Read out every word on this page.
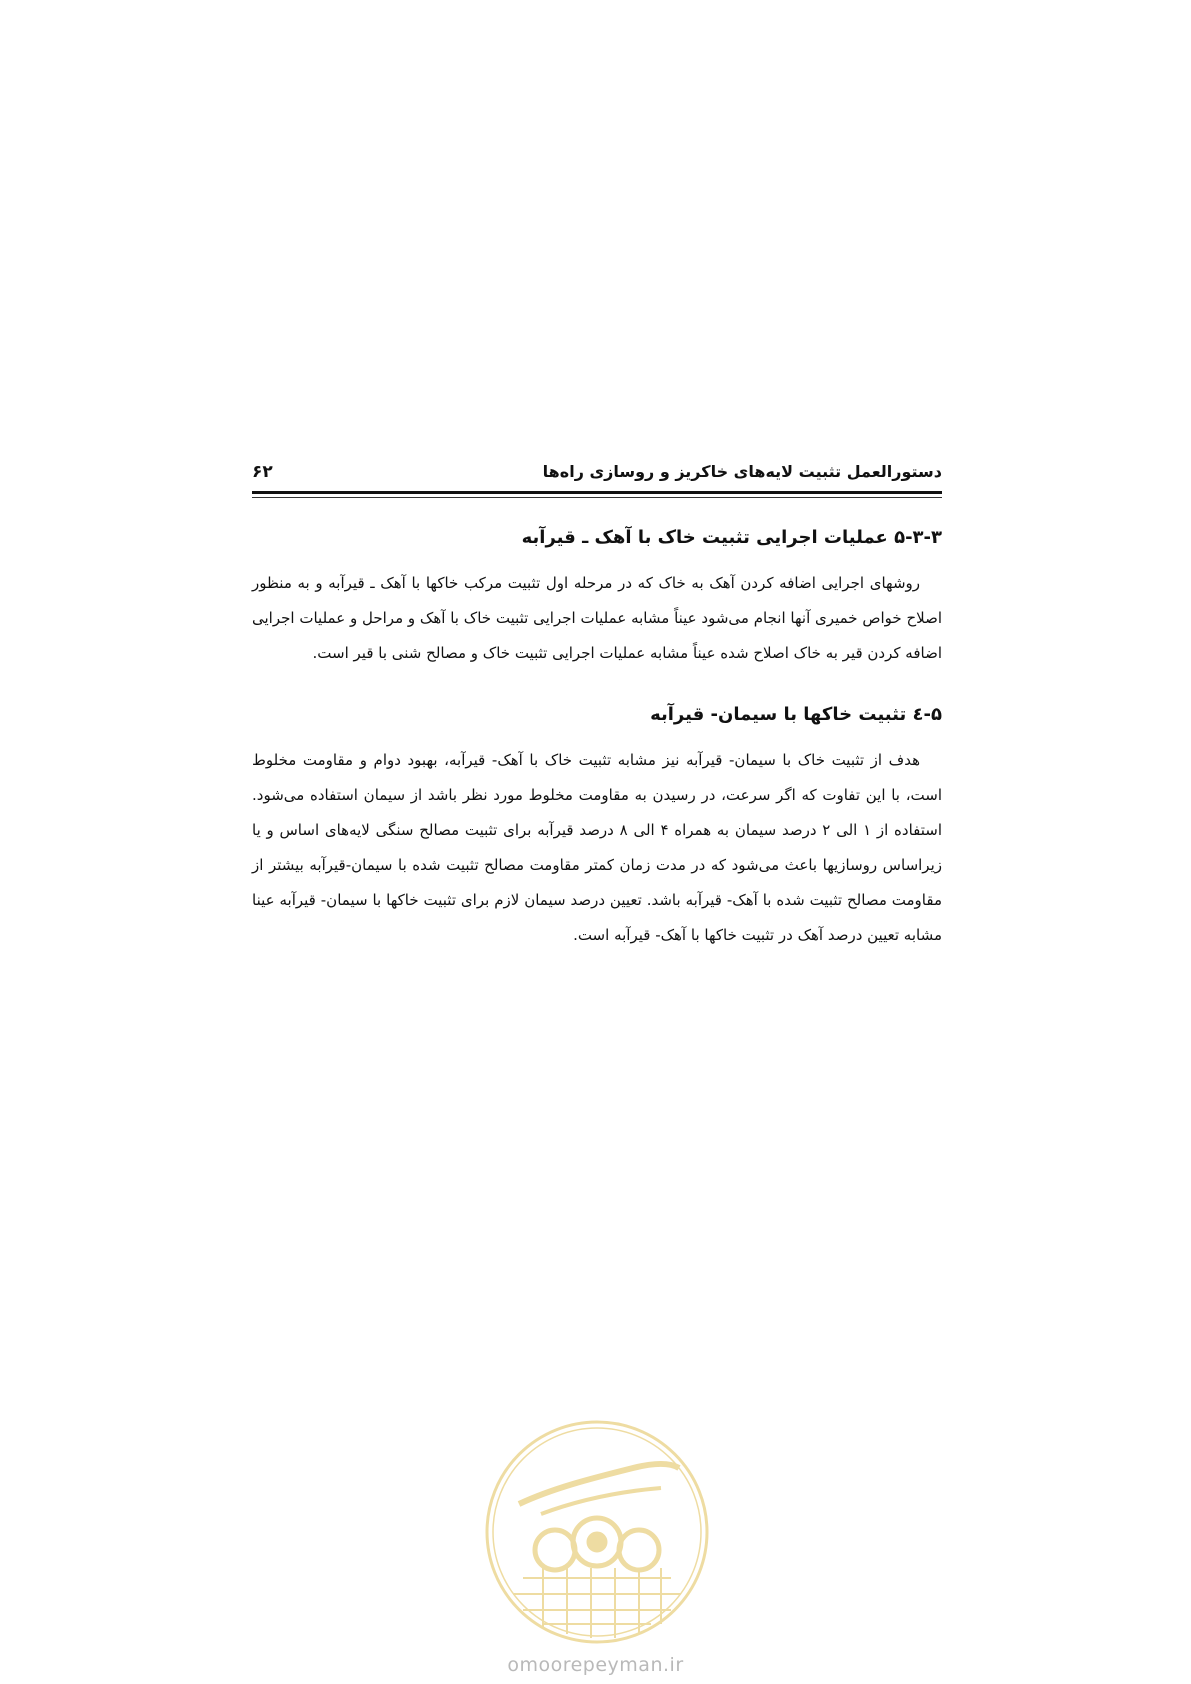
دستورالعمل تثبیت لایه‌های خاکریز و روسازی راه‌ها
۶۲
۵-۳-۳ عملیات اجرایی تثبیت خاک با آهک ـ قیرآبه

روشهای اجرایی اضافه کردن آهک به خاک که در مرحله اول تثبیت مرکب خاکها با آهک ـ قیرآبه و به منظور اصلاح خواص خمیری آنها انجام می‌شود عیناً مشابه عملیات اجرایی تثبیت خاک با آهک و مراحل و عملیات اجرایی اضافه کردن قیر به خاک اصلاح شده عیناً مشابه عملیات اجرایی تثبیت خاک و مصالح شنی با قیر است.

۵-٤ تثبیت خاکها با سیمان- قیرآبه

هدف از تثبیت خاک با سیمان- قیرآبه نیز مشابه تثبیت خاک با آهک- قیرآبه، بهبود دوام و مقاومت مخلوط است، با این تفاوت که اگر سرعت، در رسیدن به مقاومت مخلوط مورد نظر باشد از سیمان استفاده می‌شود. استفاده از ۱ الی ۲ درصد سیمان به همراه ۴ الی ۸ درصد قیرآبه برای تثبیت مصالح سنگی لایه‌های اساس و یا زیراساس روسازیها باعث می‌شود که در مدت زمان کمتر مقاومت مصالح تثبیت شده با سیمان-قیرآبه بیشتر از مقاومت مصالح تثبیت شده با آهک- قیرآبه باشد. تعیین درصد سیمان لازم برای تثبیت خاکها با سیمان- قیرآبه عینا مشابه تعیین درصد آهک در تثبیت خاکها با آهک- قیرآبه است.

omoorepeyman.ir
